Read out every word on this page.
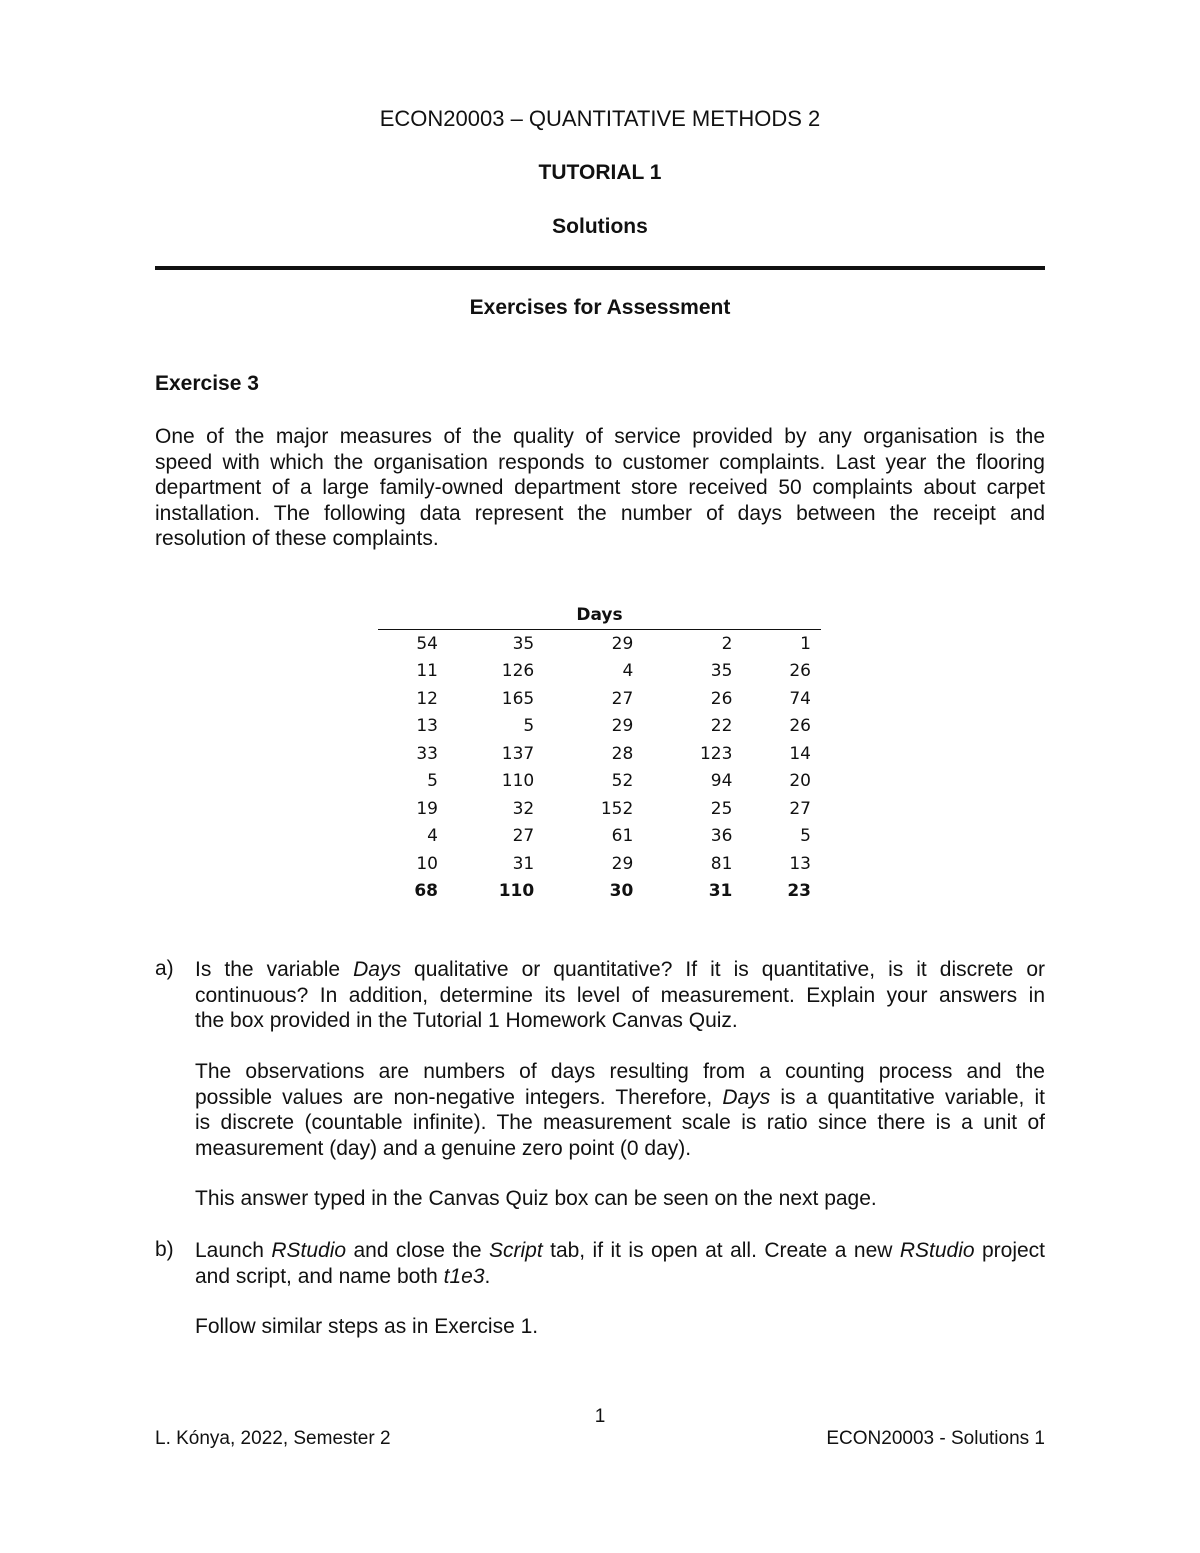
ECON20003 – QUANTITATIVE METHODS 2
TUTORIAL 1
Solutions
Exercises for Assessment
Exercise 3
One of the major measures of the quality of service provided by any organisation is the
speed with which the organisation responds to customer complaints. Last year the flooring
department of a large family-owned department store received 50 complaints about carpet
installation. The following data represent the number of days between the receipt and
resolution of these complaints.
Days				
54	35	29	2	1
11	126	4	35	26
12	165	27	26	74
13	5	29	22	26
33	137	28	123	14
5	110	52	94	20
19	32	152	25	27
4	27	61	36	5
10	31	29	81	13
68	110	30	31	23
a) Is the variable Days qualitative or quantitative? If it is quantitative, is it discrete or
continuous? In addition, determine its level of measurement. Explain your answers in
the box provided in the Tutorial 1 Homework Canvas Quiz.
The observations are numbers of days resulting from a counting process and the
possible values are non-negative integers. Therefore, Days is a quantitative variable, it
is discrete (countable infinite). The measurement scale is ratio since there is a unit of
measurement (day) and a genuine zero point (0 day).
This answer typed in the Canvas Quiz box can be seen on the next page.
b) Launch RStudio and close the Script tab, if it is open at all. Create a new RStudio project
and script, and name both t1e3.
Follow similar steps as in Exercise 1.
1
L. Kónya, 2022, Semester 2	ECON20003 - Solutions 1
